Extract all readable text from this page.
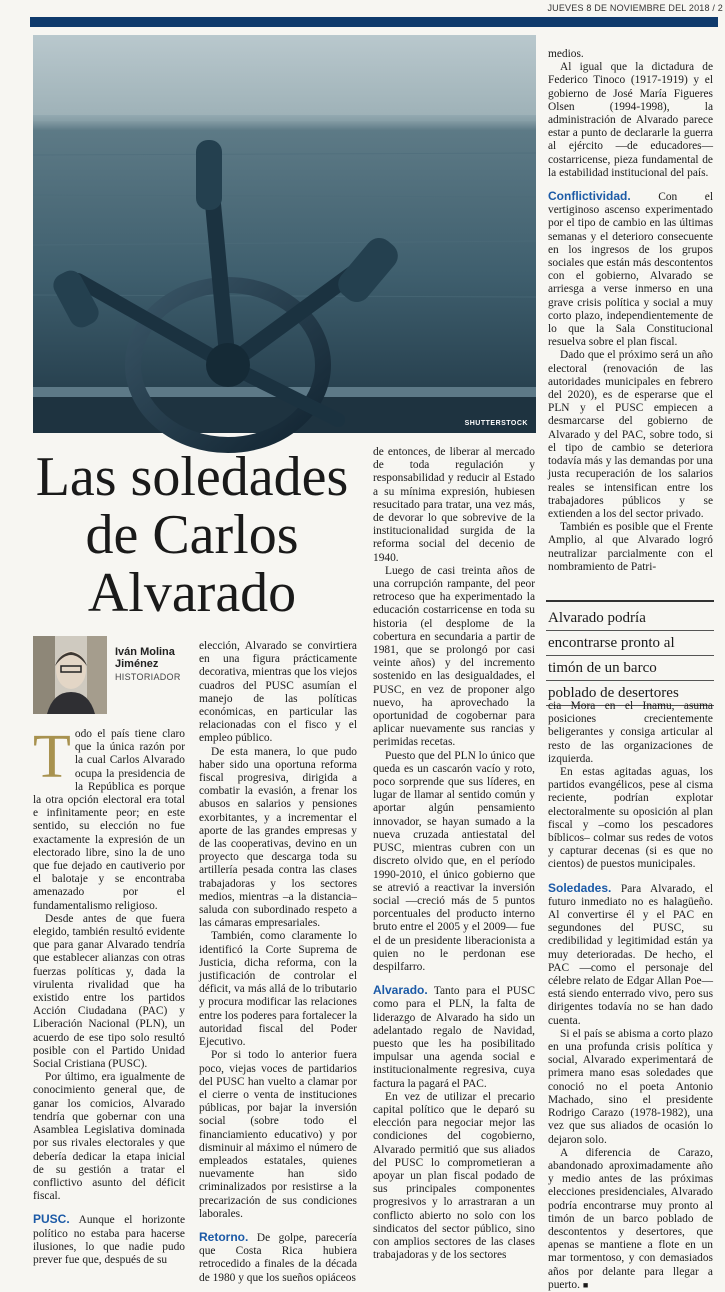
JUEVES 8 DE NOVIEMBRE DEL 2018 / 2
SHUTTERSTOCK
Las soledades
de Carlos
Alvarado
Iván Molina
Jiménez
HISTORIADOR

Todo el país tiene claro que la única razón por la cual Carlos Alvarado ocupa la presidencia de la República es porque la otra opción electoral era total e infinitamente peor; en este sentido, su elección no fue exactamente la expresión de un electorado libre, sino la de uno que fue dejado en cautiverio por el balotaje y se encontraba amenazado por el fundamentalismo religioso.

Desde antes de que fuera elegido, también resultó evidente que para ganar Alvarado tendría que establecer alianzas con otras fuerzas políticas y, dada la virulenta rivalidad que ha existido entre los partidos Acción Ciudadana (PAC) y Liberación Nacional (PLN), un acuerdo de ese tipo solo resultó posible con el Partido Unidad Social Cristiana (PUSC).

Por último, era igualmente de conocimiento general que, de ganar los comicios, Alvarado tendría que gobernar con una Asamblea Legislativa dominada por sus rivales electorales y que debería dedicar la etapa inicial de su gestión a tratar el conflictivo asunto del déficit fiscal.

PUSC. Aunque el horizonte político no estaba para hacerse ilusiones, lo que nadie pudo prever fue que, después de su

elección, Alvarado se convirtiera en una figura prácticamente decorativa, mientras que los viejos cuadros del PUSC asumían el manejo de las políticas económicas, en particular las relacionadas con el fisco y el empleo público.

De esta manera, lo que pudo haber sido una oportuna reforma fiscal progresiva, dirigida a combatir la evasión, a frenar los abusos en salarios y pensiones exorbitantes, y a incrementar el aporte de las grandes empresas y de las cooperativas, devino en un proyecto que descarga toda su artillería pesada contra las clases trabajadoras y los sectores medios, mientras –a la distancia– saluda con subordinado respeto a las cámaras empresariales.

También, como claramente lo identificó la Corte Suprema de Justicia, dicha reforma, con la justificación de controlar el déficit, va más allá de lo tributario y procura modificar las relaciones entre los poderes para fortalecer la autoridad fiscal del Poder Ejecutivo.

Por si todo lo anterior fuera poco, viejas voces de partidarios del PUSC han vuelto a clamar por el cierre o venta de instituciones públicas, por bajar la inversión social (sobre todo el financiamiento educativo) y por disminuir al máximo el número de empleados estatales, quienes nuevamente han sido criminalizados por resistirse a la precarización de sus condiciones laborales.

Retorno. De golpe, parecería que Costa Rica hubiera retrocedido a finales de la década de 1980 y que los sueños opiáceos

de entonces, de liberar al mercado de toda regulación y responsabilidad y reducir al Estado a su mínima expresión, hubiesen resucitado para tratar, una vez más, de devorar lo que sobrevive de la institucionalidad surgida de la reforma social del decenio de 1940.

Luego de casi treinta años de una corrupción rampante, del peor retroceso que ha experimentado la educación costarricense en toda su historia (el desplome de la cobertura en secundaria a partir de 1981, que se prolongó por casi veinte años) y del incremento sostenido en las desigualdades, el PUSC, en vez de proponer algo nuevo, ha aprovechado la oportunidad de cogobernar para aplicar nuevamente sus rancias y perimidas recetas.

Puesto que del PLN lo único que queda es un cascarón vacío y roto, poco sorprende que sus líderes, en lugar de llamar al sentido común y aportar algún pensamiento innovador, se hayan sumado a la nueva cruzada antiestatal del PUSC, mientras cubren con un discreto olvido que, en el período 1990-2010, el único gobierno que se atrevió a reactivar la inversión social —creció más de 5 puntos porcentuales del producto interno bruto entre el 2005 y el 2009— fue el de un presidente liberacionista a quien no le perdonan ese despilfarro.

Alvarado. Tanto para el PUSC como para el PLN, la falta de liderazgo de Alvarado ha sido un adelantado regalo de Navidad, puesto que les ha posibilitado impulsar una agenda social e institucionalmente regresiva, cuya factura la pagará el PAC.

En vez de utilizar el precario capital político que le deparó su elección para negociar mejor las condiciones del cogobierno, Alvarado permitió que sus aliados del PUSC lo comprometieran a apoyar un plan fiscal podado de sus principales componentes progresivos y lo arrastraran a un conflicto abierto no solo con los sindicatos del sector público, sino con amplios sectores de las clases trabajadoras y de los sectores

medios.

Al igual que la dictadura de Federico Tinoco (1917-1919) y el gobierno de José María Figueres Olsen (1994-1998), la administración de Alvarado parece estar a punto de declararle la guerra al ejército —de educadores— costarricense, pieza fundamental de la estabilidad institucional del país.

Conflictividad. Con el vertiginoso ascenso experimentado por el tipo de cambio en las últimas semanas y el deterioro consecuente en los ingresos de los grupos sociales que están más descontentos con el gobierno, Alvarado se arriesga a verse inmerso en una grave crisis política y social a muy corto plazo, independientemente de lo que la Sala Constitucional resuelva sobre el plan fiscal.

Dado que el próximo será un año electoral (renovación de las autoridades municipales en febrero del 2020), es de esperarse que el PLN y el PUSC empiecen a desmarcarse del gobierno de Alvarado y del PAC, sobre todo, si el tipo de cambio se deteriora todavía más y las demandas por una justa recuperación de los salarios reales se intensifican entre los trabajadores públicos y se extienden a los del sector privado.

También es posible que el Frente Amplio, al que Alvarado logró neutralizar parcialmente con el nombramiento de Patri-

Alvarado podría
encontrarse pronto al
timón de un barco
poblado de desertores

cia Mora en el Inamu, asuma posiciones crecientemente beligerantes y consiga articular al resto de las organizaciones de izquierda.

En estas agitadas aguas, los partidos evangélicos, pese al cisma reciente, podrían explotar electoralmente su oposición al plan fiscal y –como los pescadores bíblicos– colmar sus redes de votos y capturar decenas (si es que no cientos) de puestos municipales.

Soledades. Para Alvarado, el futuro inmediato no es halagüeño. Al convertirse él y el PAC en segundones del PUSC, su credibilidad y legitimidad están ya muy deterioradas. De hecho, el PAC —como el personaje del célebre relato de Edgar Allan Poe— está siendo enterrado vivo, pero sus dirigentes todavía no se han dado cuenta.

Si el país se abisma a corto plazo en una profunda crisis política y social, Alvarado experimentará de primera mano esas soledades que conoció no el poeta Antonio Machado, sino el presidente Rodrigo Carazo (1978-1982), una vez que sus aliados de ocasión lo dejaron solo.

A diferencia de Carazo, abandonado aproximadamente año y medio antes de las próximas elecciones presidenciales, Alvarado podría encontrarse muy pronto al timón de un barco poblado de descontentos y desertores, que apenas se mantiene a flote en un mar tormentoso, y con demasiados años por delante para llegar a puerto. ■
